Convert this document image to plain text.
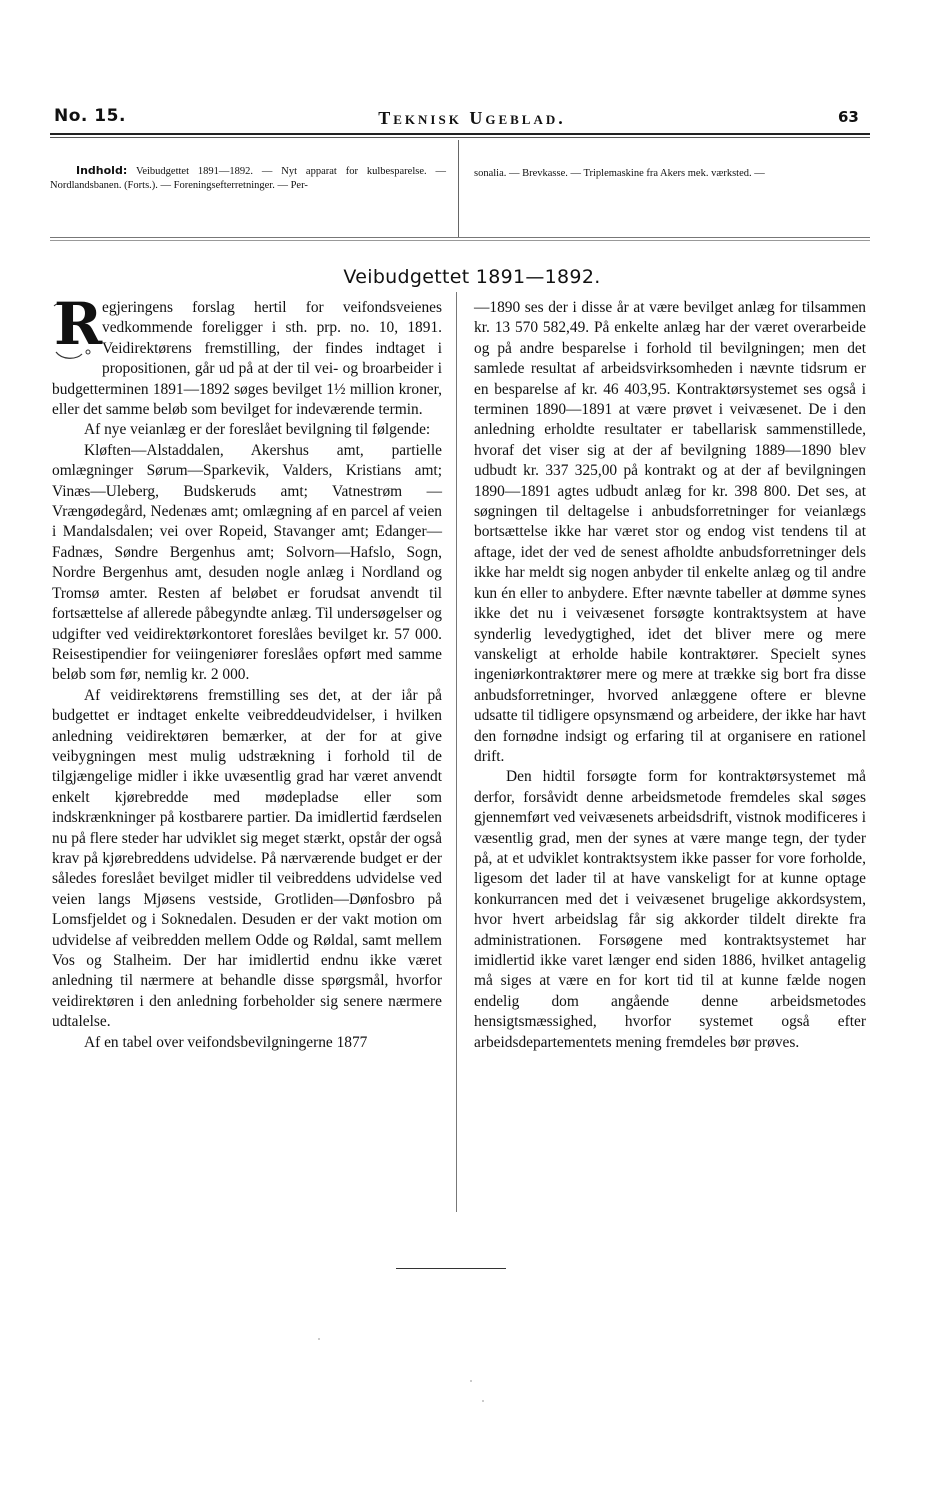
No. 15.	Teknisk Ugeblad.	63
Indhold: Veibudgettet 1891—1892. — Nyt apparat for kulbesparelse. — Nordlandsbanen. (Forts.). — Foreningsefterretninger. — Per-
sonalia. — Brevkasse. — Triplemaskine fra Akers mek. værksted. —
Veibudgettet 1891—1892.
R egjeringens forslag hertil for veifondsveienes vedkommende foreligger i sth. prp. no. 10, 1891. Veidirektørens fremstilling, der findes indtaget i propositionen, går ud på at der til vei- og broarbeider i budgetterminen 1891—1892 søges bevilget 1½ million kroner, eller det samme beløb som bevilget for indeværende termin.

Af nye veianlæg er der foreslået bevilgning til følgende:

Kløften—Alstaddalen, Akershus amt, partielle omlægninger Sørum—Sparkevik, Valders, Kristians amt; Vinæs—Uleberg, Budskeruds amt; Vatnestrøm —Vrængødegård, Nedenæs amt; omlægning af en parcel af veien i Mandalsdalen; vei over Ropeid, Stavanger amt; Edanger—Fadnæs, Søndre Bergenhus amt; Solvorn—Hafslo, Sogn, Nordre Bergenhus amt, desuden nogle anlæg i Nordland og Tromsø amter. Resten af beløbet er forudsat anvendt til fortsættelse af allerede påbegyndte anlæg. Til undersøgelser og udgifter ved veidirektørkontoret foreslåes bevilget kr. 57 000. Reisestipendier for veiingeniører foreslåes opført med samme beløb som før, nemlig kr. 2 000.

Af veidirektørens fremstilling ses det, at der iår på budgettet er indtaget enkelte veibreddeudvidelser, i hvilken anledning veidirektøren bemærker, at der for at give veibygningen mest mulig udstrækning i forhold til de tilgjængelige midler i ikke uvæsentlig grad har været anvendt enkelt kjørebredde med mødepladse eller som indskrænkninger på kostbarere partier. Da imidlertid færdselen nu på flere steder har udviklet sig meget stærkt, opstår der også krav på kjørebreddens udvidelse. På nærværende budget er der således foreslået bevilget midler til veibreddens udvidelse ved veien langs Mjøsens vestside, Grotliden—Dønfosbro på Lomsfjeldet og i Soknedalen. Desuden er der vakt motion om udvidelse af veibredden mellem Odde og Røldal, samt mellem Vos og Stalheim. Der har imidlertid endnu ikke været anledning til nærmere at behandle disse spørgsmål, hvorfor veidirektøren i den anledning forbeholder sig senere nærmere udtalelse.

Af en tabel over veifondsbevilgningerne 1877

—1890 ses der i disse år at være bevilget anlæg for tilsammen kr. 13 570 582,49. På enkelte anlæg har der været overarbeide og på andre besparelse i forhold til bevilgningen; men det samlede resultat af arbeidsvirksomheden i nævnte tidsrum er en besparelse af kr. 46 403,95. Kontraktørsystemet ses også i terminen 1890—1891 at være prøvet i veivæsenet. De i den anledning erholdte resultater er tabellarisk sammenstillede, hvoraf det viser sig at der af bevilgning 1889—1890 blev udbudt kr. 337 325,00 på kontrakt og at der af bevilgningen 1890—1891 agtes udbudt anlæg for kr. 398 800. Det ses, at søgningen til deltagelse i anbudsforretninger for veianlægs bortsættelse ikke har været stor og endog vist tendens til at aftage, idet der ved de senest afholdte anbudsforretninger dels ikke har meldt sig nogen anbyder til enkelte anlæg og til andre kun én eller to anbydere. Efter nævnte tabeller at dømme synes ikke det nu i veivæsenet forsøgte kontraktsystem at have synderlig levedygtighed, idet det bliver mere og mere vanskeligt at erholde habile kontraktører. Specielt synes ingeniørkontraktører mere og mere at trække sig bort fra disse anbudsforretninger, hvorved anlæggene oftere er blevne udsatte til tidligere opsynsmænd og arbeidere, der ikke har havt den fornødne indsigt og erfaring til at organisere en rationel drift.

Den hidtil forsøgte form for kontraktørsystemet må derfor, forsåvidt denne arbeidsmetode fremdeles skal søges gjennemført ved veivæsenets arbeidsdrift, vistnok modificeres i væsentlig grad, men der synes at være mange tegn, der tyder på, at et udviklet kontraktsystem ikke passer for vore forholde, ligesom det lader til at have vanskeligt for at kunne optage konkurrancen med det i veivæsenet brugelige akkordsystem, hvor hvert arbeidslag får sig akkorder tildelt direkte fra administrationen. Forsøgene med kontraktsystemet har imidlertid ikke varet længer end siden 1886, hvilket antagelig må siges at være en for kort tid til at kunne fælde nogen endelig dom angående denne arbeidsmetodes hensigtsmæssighed, hvorfor systemet også efter arbeidsdepartementets mening fremdeles bør prøves.
